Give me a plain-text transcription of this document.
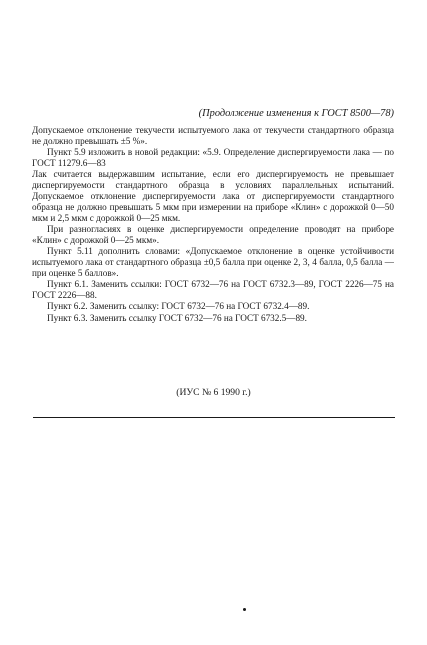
(Продолжение изменения к ГОСТ 8500—78)

Допускаемое отклонение текучести испытуемого лака от текучести стандартного образца не должно превышать ±5 %».

Пункт 5.9 изложить в новой редакции: «5.9. Определение диспергируемости лака — по ГОСТ 11279.6—83

Лак считается выдержавшим испытание, если его диспергируемость не превышает диспергируемости стандартного образца в условиях параллельных испытаний. Допускаемое отклонение диспергируемости лака от диспергируемости стандартного образца не должно превышать 5 мкм при измерении на приборе «Клин» с дорожкой 0—50 мкм и 2,5 мкм с дорожкой 0—25 мкм.

При разногласиях в оценке диспергируемости определение проводят на приборе «Клин» с дорожкой 0—25 мкм».

Пункт 5.11 дополнить словами: «Допускаемое отклонение в оценке устойчивости испытуемого лака от стандартного образца ±0,5 балла при оценке 2, 3, 4 балла, 0,5 балла — при оценке 5 баллов».

Пункт 6.1. Заменить ссылки: ГОСТ 6732—76 на ГОСТ 6732.3—89, ГОСТ 2226—75 на ГОСТ 2226—88.

Пункт 6.2. Заменить ссылку: ГОСТ 6732—76 на ГОСТ 6732.4—89.

Пункт 6.3. Заменить ссылку ГОСТ 6732—76 на ГОСТ 6732.5—89.

(ИУС № 6 1990 г.)
